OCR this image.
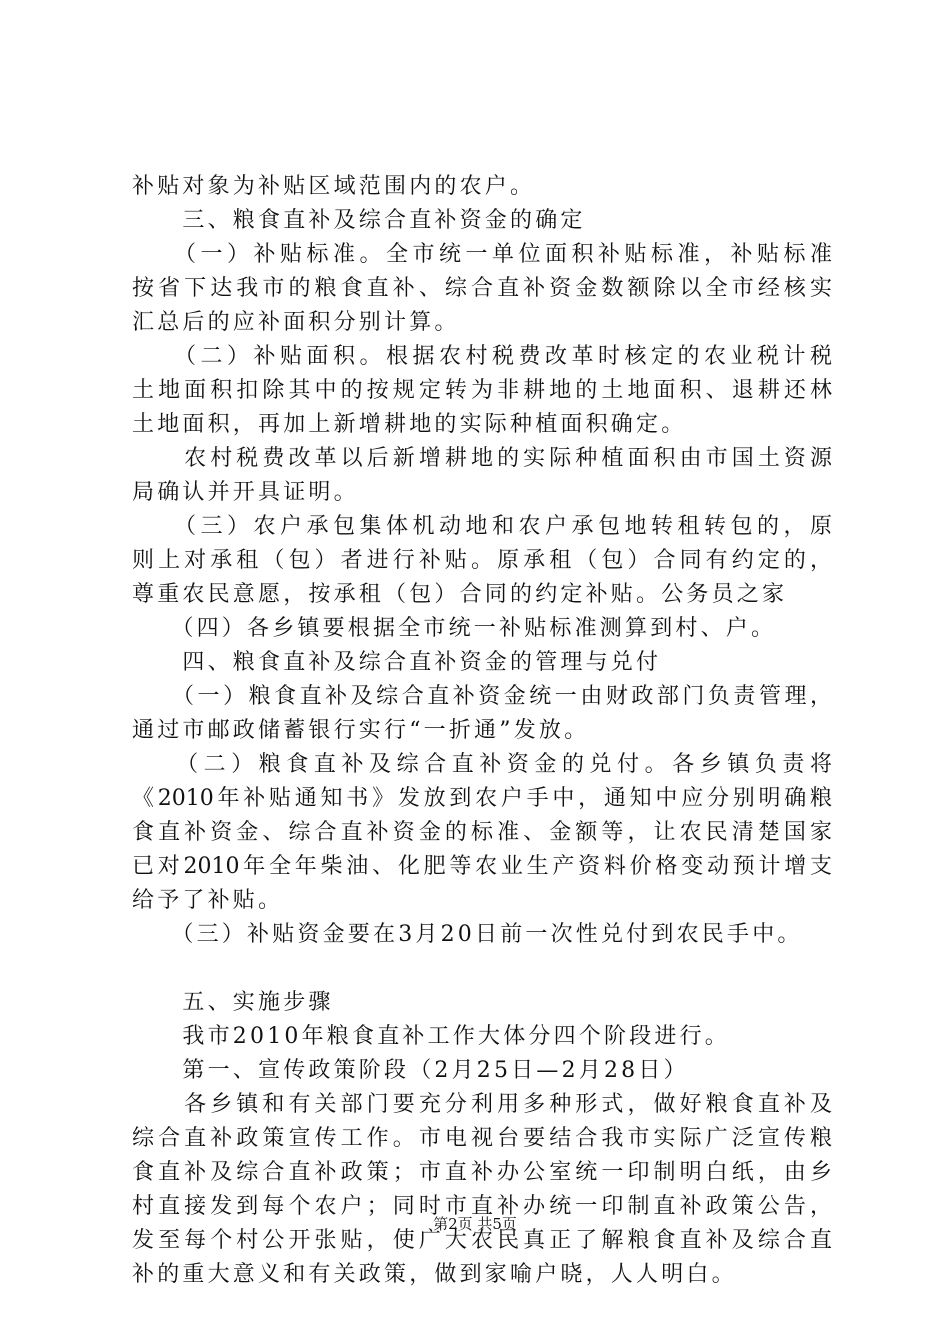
补贴对象为补贴区域范围内的农户。
　　三、粮食直补及综合直补资金的确定
　　（一）补贴标准。全市统一单位面积补贴标准，补贴标准
按省下达我市的粮食直补、综合直补资金数额除以全市经核实
汇总后的应补面积分别计算。
　　（二）补贴面积。根据农村税费改革时核定的农业税计税
土地面积扣除其中的按规定转为非耕地的土地面积、退耕还林
土地面积，再加上新增耕地的实际种植面积确定。
　　农村税费改革以后新增耕地的实际种植面积由市国土资源
局确认并开具证明。
　　（三）农户承包集体机动地和农户承包地转租转包的，原
则上对承租（包）者进行补贴。原承租（包）合同有约定的，
尊重农民意愿，按承租（包）合同的约定补贴。公务员之家
　　（四）各乡镇要根据全市统一补贴标准测算到村、户。
　　四、粮食直补及综合直补资金的管理与兑付
　　（一）粮食直补及综合直补资金统一由财政部门负责管理，
通过市邮政储蓄银行实行“一折通”发放。
　　（二）粮食直补及综合直补资金的兑付。各乡镇负责将
《2010年补贴通知书》发放到农户手中，通知中应分别明确粮
食直补资金、综合直补资金的标准、金额等，让农民清楚国家
已对2010年全年柴油、化肥等农业生产资料价格变动预计增支
给予了补贴。
　　（三）补贴资金要在3月20日前一次性兑付到农民手中。
　　五、实施步骤
　　我市2010年粮食直补工作大体分四个阶段进行。
　　第一、宣传政策阶段（2月25日—2月28日）
　　各乡镇和有关部门要充分利用多种形式，做好粮食直补及
综合直补政策宣传工作。市电视台要结合我市实际广泛宣传粮
食直补及综合直补政策；市直补办公室统一印制明白纸，由乡
村直接发到每个农户；同时市直补办统一印制直补政策公告，
发至每个村公开张贴，使广大农民真正了解粮食直补及综合直
补的重大意义和有关政策，做到家喻户晓，人人明白。
第2页 共5页
